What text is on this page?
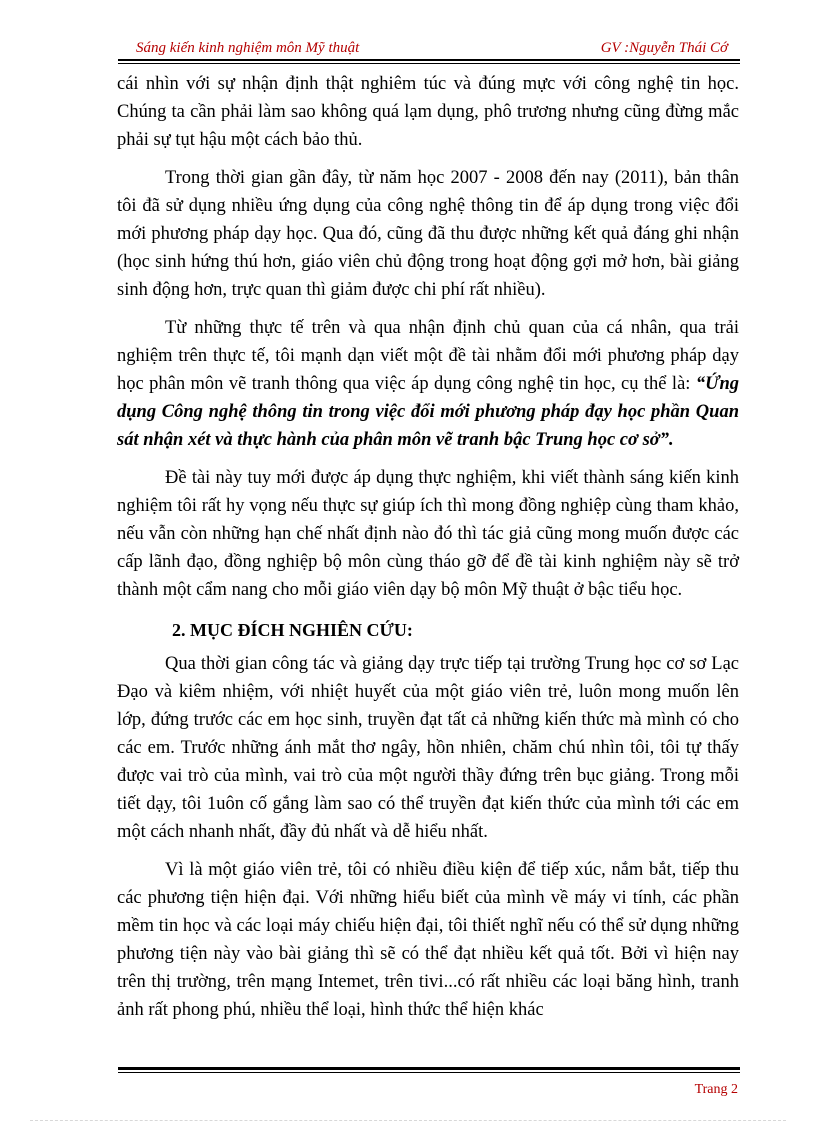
Sáng kiến kinh nghiệm môn Mỹ thuật	GV :Nguyễn Thái Cớ

cái nhìn với sự nhận định thật nghiêm túc và đúng mực với công nghệ tin học. Chúng ta cần phải làm sao không quá lạm dụng, phô trương nhưng cũng đừng mắc phải sự tụt hậu một cách bảo thủ.

Trong thời gian gần đây, từ năm học 2007 - 2008 đến nay (2011), bản thân tôi đã sử dụng nhiều ứng dụng của công nghệ thông tin để áp dụng trong việc đổi mới phương pháp dạy học. Qua đó, cũng đã thu được những kết quả đáng ghi nhận (học sinh hứng thú hơn, giáo viên chủ động trong hoạt động gợi mở hơn, bài giảng sinh động hơn, trực quan thì giảm được chi phí rất nhiều).

Từ những thực tế trên và qua nhận định chủ quan của cá nhân, qua trải nghiệm trên thực tế, tôi mạnh dạn viết một đề tài nhằm đổi mới phương pháp dạy học phân môn vẽ tranh thông qua việc áp dụng công nghệ tin học, cụ thể là: “Ứng dụng Công nghệ thông tin trong việc đổi mới phương pháp đạy học phần Quan sát nhận xét và thực hành của phân môn vẽ tranh bậc Trung học cơ sở”.

Đề tài này tuy mới được áp dụng thực nghiệm, khi viết thành sáng kiến kinh nghiệm tôi rất hy vọng nếu thực sự giúp ích thì mong đồng nghiệp cùng tham khảo, nếu vẫn còn những hạn chế nhất định nào đó thì tác giả cũng mong muốn được các cấp lãnh đạo, đồng nghiệp bộ môn cùng tháo gỡ để đề tài kinh nghiệm này sẽ trở thành một cẩm nang cho mỗi giáo viên dạy bộ môn Mỹ thuật ở bậc tiểu học.

2. MỤC ĐÍCH NGHIÊN CỨU:

Qua thời gian công tác và giảng dạy trực tiếp tại trường Trung học cơ sơ Lạc Đạo và kiêm nhiệm, với nhiệt huyết của một giáo viên trẻ, luôn mong muốn lên lớp, đứng trước các em học sinh, truyền đạt tất cả những kiến thức mà mình có cho các em. Trước những ánh mắt thơ ngây, hồn nhiên, chăm chú nhìn tôi, tôi tự thấy được vai trò của mình, vai trò của một người thầy đứng trên bục giảng. Trong mỗi tiết dạy, tôi 1uôn cố gắng làm sao có thể truyền đạt kiến thức của mình tới các em một cách nhanh nhất, đầy đủ nhất và dễ hiểu nhất.

Vì là một giáo viên trẻ, tôi có nhiều điều kiện để tiếp xúc, nắm bắt, tiếp thu các phương tiện hiện đại. Với những hiểu biết của mình về máy vi tính, các phần mềm tin học và các loại máy chiếu hiện đại, tôi thiết nghĩ nếu có thể sử dụng những phương tiện này vào bài giảng thì sẽ có thể đạt nhiều kết quả tốt. Bởi vì hiện nay trên thị trường, trên mạng Intemet, trên tivi...có rất nhiều các loại băng hình, tranh ảnh rất phong phú, nhiều thể loại, hình thức thể hiện khác

Trang 2
